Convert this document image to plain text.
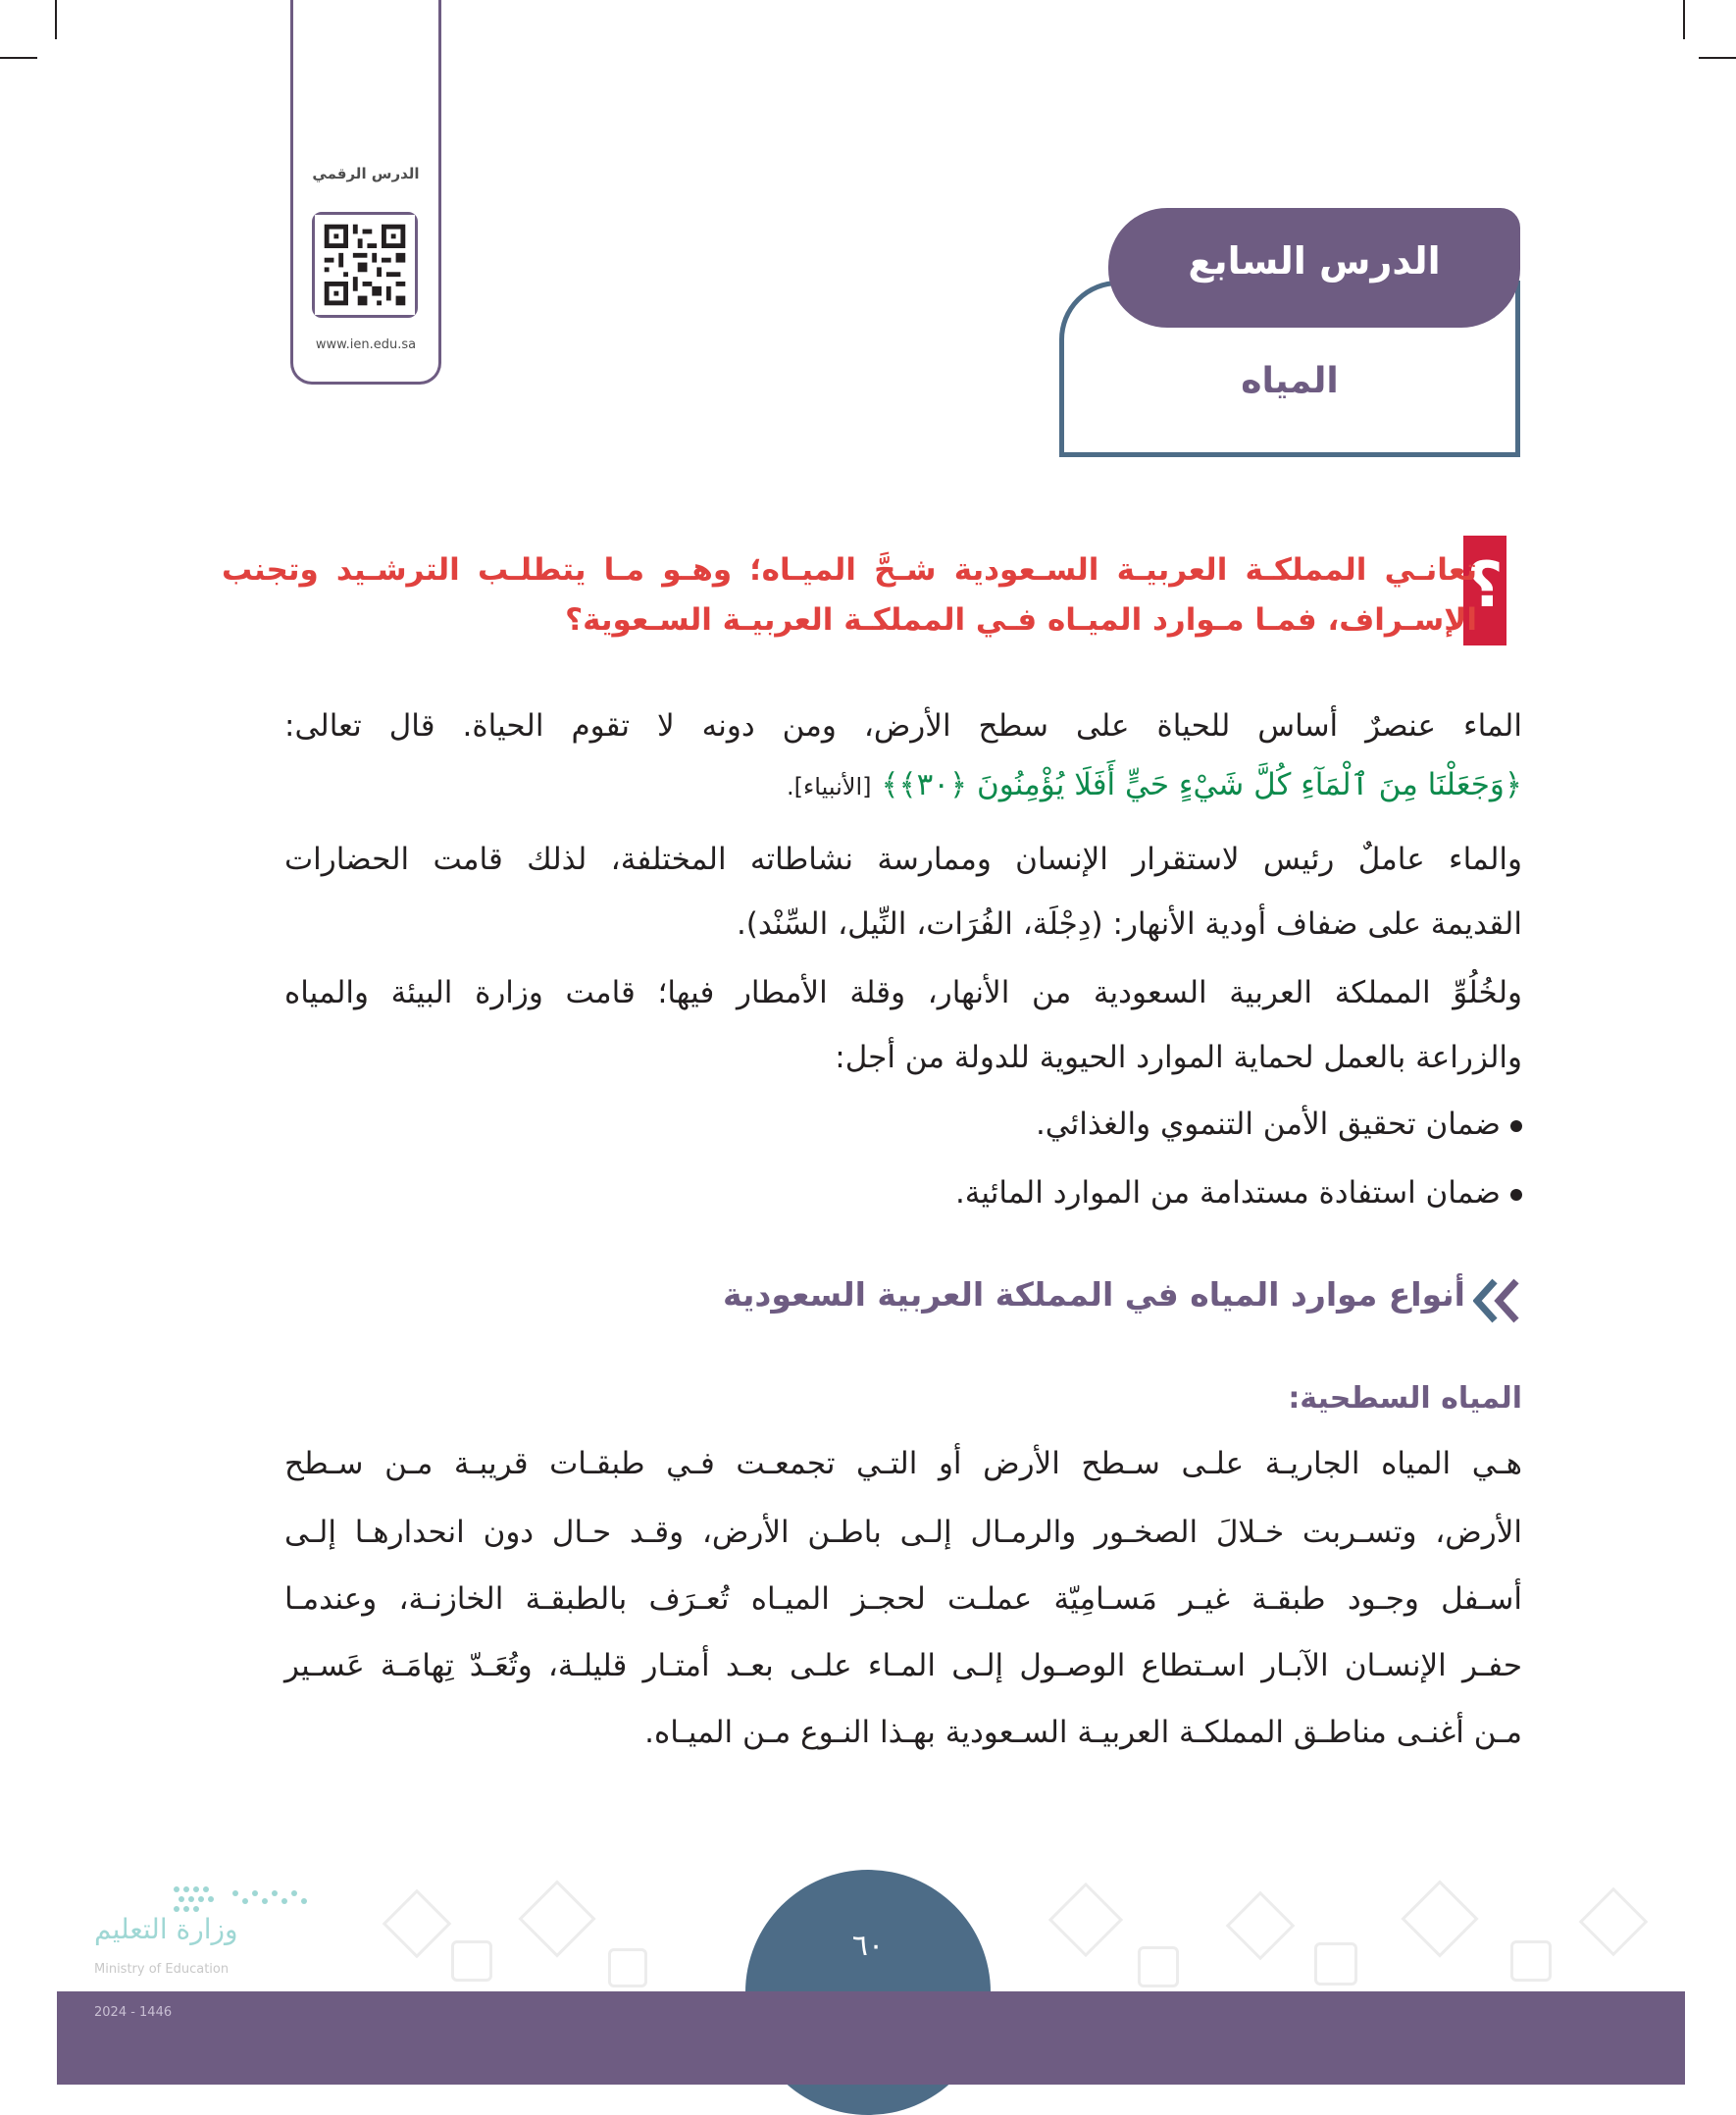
الدرس الرقمي
www.ien.edu.sa
الدرس السابع
المياه
؟
تعانـي المملكـة العربيـة السـعودية شـحَّ الميـاه؛ وهـو مـا يتطلـب الترشـيد وتجنب
الإسـراف، فمـا مـوارد الميـاه فـي المملكـة العربيـة السـعوية؟
الماء عنصرٌ أساس للحياة على سطح الأرض، ومن دونه لا تقوم الحياة. قال تعالى:
﴿وَجَعَلْنَا مِنَ ٱلْمَآءِ كُلَّ شَيْءٍ حَيٍّ أَفَلَا يُؤْمِنُونَ ﴿٣٠﴾﴾ [الأنبياء].
والماء عاملٌ رئيس لاستقرار الإنسان وممارسة نشاطاته المختلفة، لذلك قامت الحضارات
القديمة على ضفاف أودية الأنهار: (دِجْلَة، الفُرَات، النِّيل، السِّنْد).
ولخُلُوِّ المملكة العربية السعودية من الأنهار، وقلة الأمطار فيها؛ قامت وزارة البيئة والمياه
والزراعة بالعمل لحماية الموارد الحيوية للدولة من أجل:
ضمان تحقيق الأمن التنموي والغذائي.
ضمان استفادة مستدامة من الموارد المائية.
أنواع موارد المياه في المملكة العربية السعودية
المياه السطحية:
هـي المياه الجاريـة علـى سـطح الأرض أو التـي تجمعـت فـي طبقـات قريبـة مـن سـطح
الأرض، وتسـربت خـلالَ الصخـور والرمـال إلـى باطـن الأرض، وقـد حـال دون انحدارهـا إلـى
أسـفل وجـود طبقـة غيـر مَسـامِيّة عملـت لحجـز الميـاه تُعـرَف بالطبقـة الخازنـة، وعندمـا
حفـر الإنسـان الآبـار اسـتطاع الوصـول إلـى المـاء علـى بعـد أمتـار قليلـة، وتُعَـدّ تِهامَـة عَسـير
مـن أغنـى مناطـق المملكـة العربيـة السـعودية بهـذا النـوع مـن الميـاه.
وزارة التعليم
Ministry of Education
٦٠
2024 - 1446
